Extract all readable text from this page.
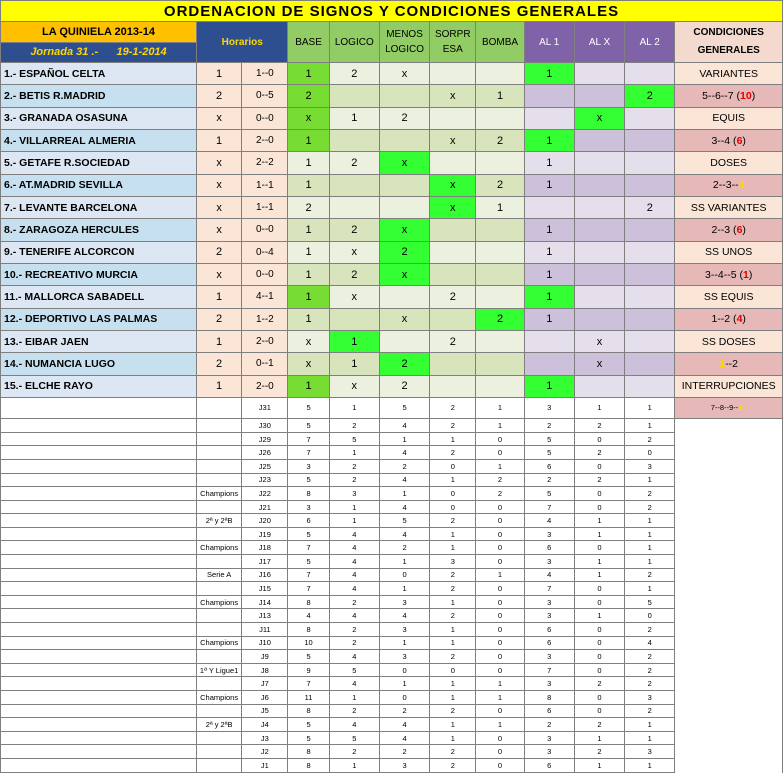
ORDENACION DE SIGNOS Y CONDICIONES GENERALES											
LA QUINIELA 2013-14	Horarios		BASE	LOGICO	MENOS
LOGICO	SORPR
ESA	BOMBA	AL 1	AL X	AL 2	CONDICIONES GENERALES
Jornada 31 .- 19-1-2014											
1.- ESPAÑOL CELTA	1	1--0	1	2	x			1			VARIANTES
2.- BETIS R.MADRID	2	0--5	2			x	1			2	5--6--7 (10)
3.- GRANADA OSASUNA	x	0--0	x	1	2				x		EQUIS
4.- VILLARREAL ALMERIA	1	2--0	1			x	2	1			3--4 (6)
5.- GETAFE R.SOCIEDAD	x	2--2	1	2	x			1			DOSES
6.- AT.MADRID SEVILLA	x	1--1	1			x	2	1			2--3--4
7.- LEVANTE BARCELONA	x	1--1	2			x	1			2	SS VARIANTES
8.- ZARAGOZA HERCULES	x	0--0	1	2	x			1			2--3 (6)
9.- TENERIFE ALCORCON	2	0--4	1	x	2			1			SS UNOS
10.- RECREATIVO MURCIA	x	0--0	1	2	x			1			3--4--5 (1)
11.- MALLORCA SABADELL	1	4--1	1	x		2		1			SS EQUIS
12.- DEPORTIVO LAS PALMAS	2	1--2	1		x		2	1			1--2 (4)
13.- EIBAR JAEN	1	2--0	x	1		2			x		SS DOSES
14.- NUMANCIA LUGO	2	0--1	x	1	2				x		1--2
15.- ELCHE RAYO	1	2--0	1	x	2			1			INTERRUPCIONES
		J31	5	1	5	2	1	3	1	1	7--8--9--10
		J30	5	2	4	2	1	2	2	1	
		J29	7	5	1	1	0	5	0	2	
		J26	7	1	4	2	0	5	2	0	
		J25	3	2	2	0	1	6	0	3	
		J23	5	2	4	1	2	2	2	1	
	Champions	J22	8	3	1	0	2	5	0	2	
		J21	3	1	4	0	0	7	0	2	
	2ª y 2ªB	J20	6	1	5	2	0	4	1	1	
		J19	5	4	4	1	0	3	1	1	
	Champions	J18	7	4	2	1	0	6	0	1	
		J17	5	4	1	3	0	3	1	1	
	Serie A	J16	7	4	0	2	1	4	1	2	
		J15	7	4	1	2	0	7	0	1	
	Champions	J14	8	2	3	1	0	3	0	5	
		J13	4	4	4	2	0	3	1	0	
		J11	8	2	3	1	0	6	0	2	
	Champions	J10	10	2	1	1	0	6	0	4	
		J9	5	4	3	2	0	3	0	2	
	1ª Y Ligue1	J8	9	5	0	0	0	7	0	2	
		J7	7	4	1	1	1	3	2	2	
	Champions	J6	11	1	0	1	1	8	0	3	
		J5	8	2	2	2	0	6	0	2	
	2ª y 2ªB	J4	5	4	4	1	1	2	2	1	
		J3	5	5	4	1	0	3	1	1	
		J2	8	2	2	2	0	3	2	3	
		J1	8	1	3	2	0	6	1	1	
